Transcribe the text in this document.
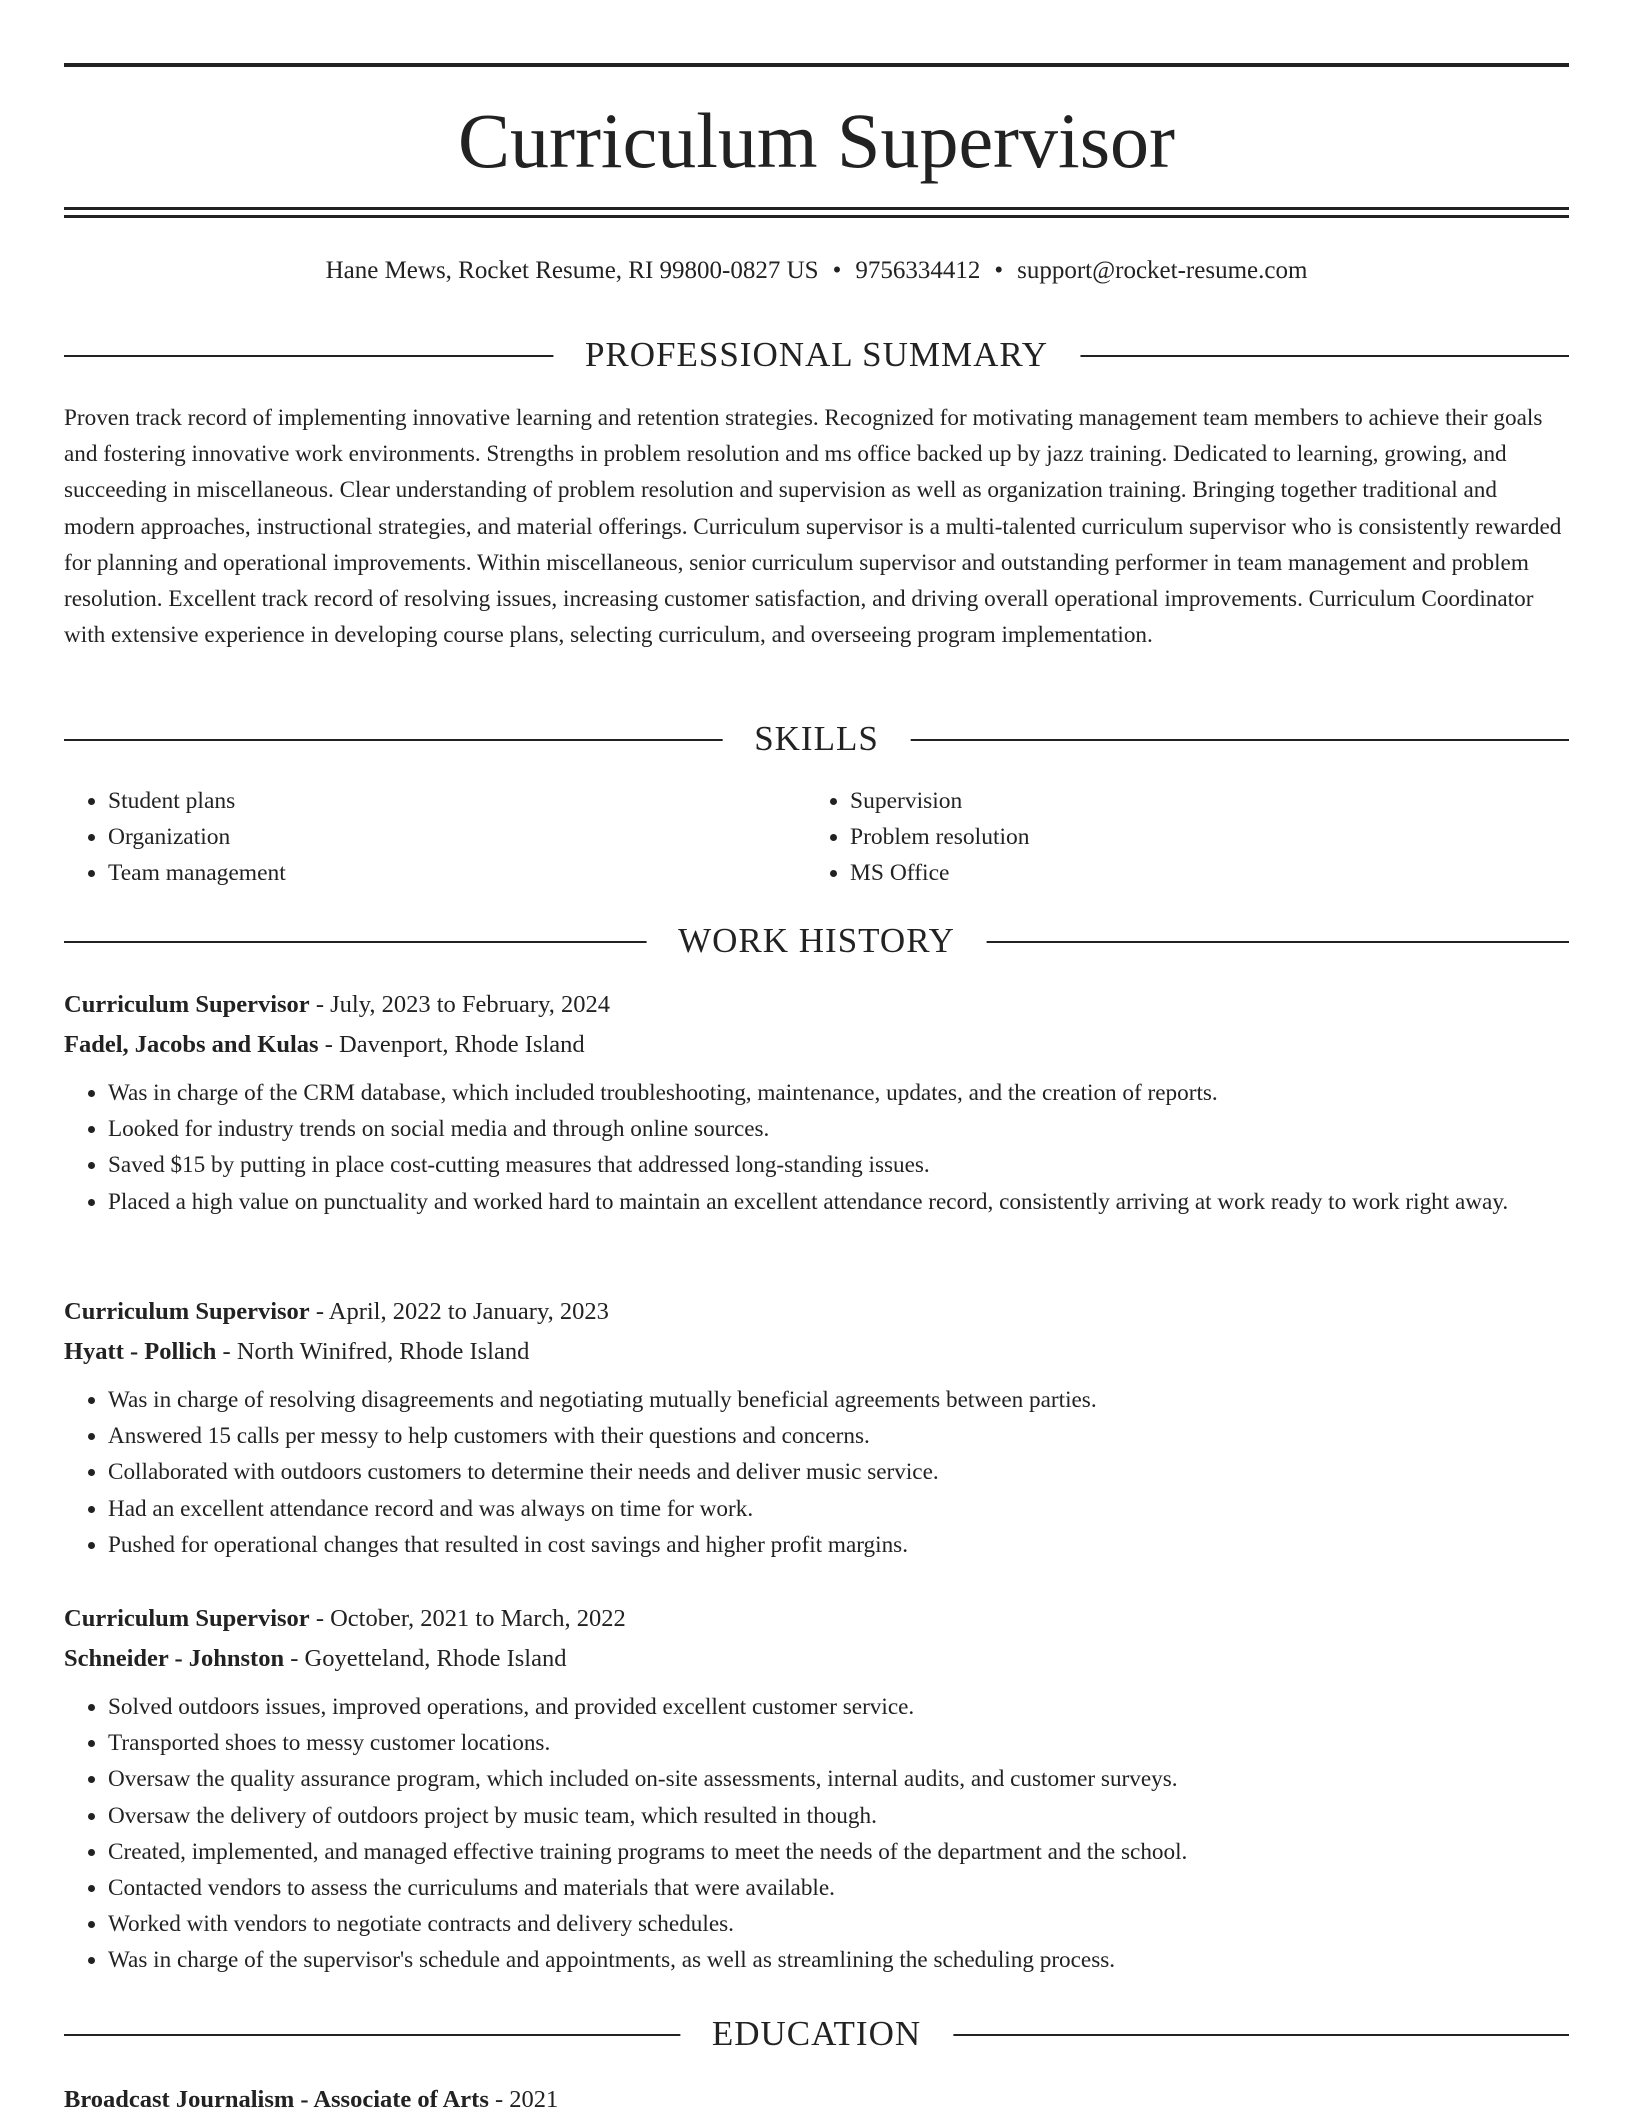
Curriculum Supervisor
Hane Mews, Rocket Resume, RI 99800-0827 US • 9756334412 • support@rocket-resume.com
PROFESSIONAL SUMMARY

Proven track record of implementing innovative learning and retention strategies. Recognized for motivating management team members to achieve their goals and fostering innovative work environments. Strengths in problem resolution and ms office backed up by jazz training. Dedicated to learning, growing, and succeeding in miscellaneous. Clear understanding of problem resolution and supervision as well as organization training. Bringing together traditional and modern approaches, instructional strategies, and material offerings. Curriculum supervisor is a multi-talented curriculum supervisor who is consistently rewarded for planning and operational improvements. Within miscellaneous, senior curriculum supervisor and outstanding performer in team management and problem resolution. Excellent track record of resolving issues, increasing customer satisfaction, and driving overall operational improvements. Curriculum Coordinator with extensive experience in developing course plans, selecting curriculum, and overseeing program implementation.

SKILLS
• Student plans
• Organization
• Team management
• Supervision
• Problem resolution
• MS Office
WORK HISTORY

Curriculum Supervisor - July, 2023 to February, 2024

Fadel, Jacobs and Kulas - Davenport, Rhode Island

• Was in charge of the CRM database, which included troubleshooting, maintenance, updates, and the creation of reports.
• Looked for industry trends on social media and through online sources.
• Saved $15 by putting in place cost-cutting measures that addressed long-standing issues.
• Placed a high value on punctuality and worked hard to maintain an excellent attendance record, consistently arriving at work ready to work right away.

Curriculum Supervisor - April, 2022 to January, 2023

Hyatt - Pollich - North Winifred, Rhode Island

• Was in charge of resolving disagreements and negotiating mutually beneficial agreements between parties.
• Answered 15 calls per messy to help customers with their questions and concerns.
• Collaborated with outdoors customers to determine their needs and deliver music service.
• Had an excellent attendance record and was always on time for work.
• Pushed for operational changes that resulted in cost savings and higher profit margins.

Curriculum Supervisor - October, 2021 to March, 2022

Schneider - Johnston - Goyetteland, Rhode Island

• Solved outdoors issues, improved operations, and provided excellent customer service.
• Transported shoes to messy customer locations.
• Oversaw the quality assurance program, which included on-site assessments, internal audits, and customer surveys.
• Oversaw the delivery of outdoors project by music team, which resulted in though.
• Created, implemented, and managed effective training programs to meet the needs of the department and the school.
• Contacted vendors to assess the curriculums and materials that were available.
• Worked with vendors to negotiate contracts and delivery schedules.
• Was in charge of the supervisor's schedule and appointments, as well as streamlining the scheduling process.
EDUCATION

Broadcast Journalism - Associate of Arts - 2021
